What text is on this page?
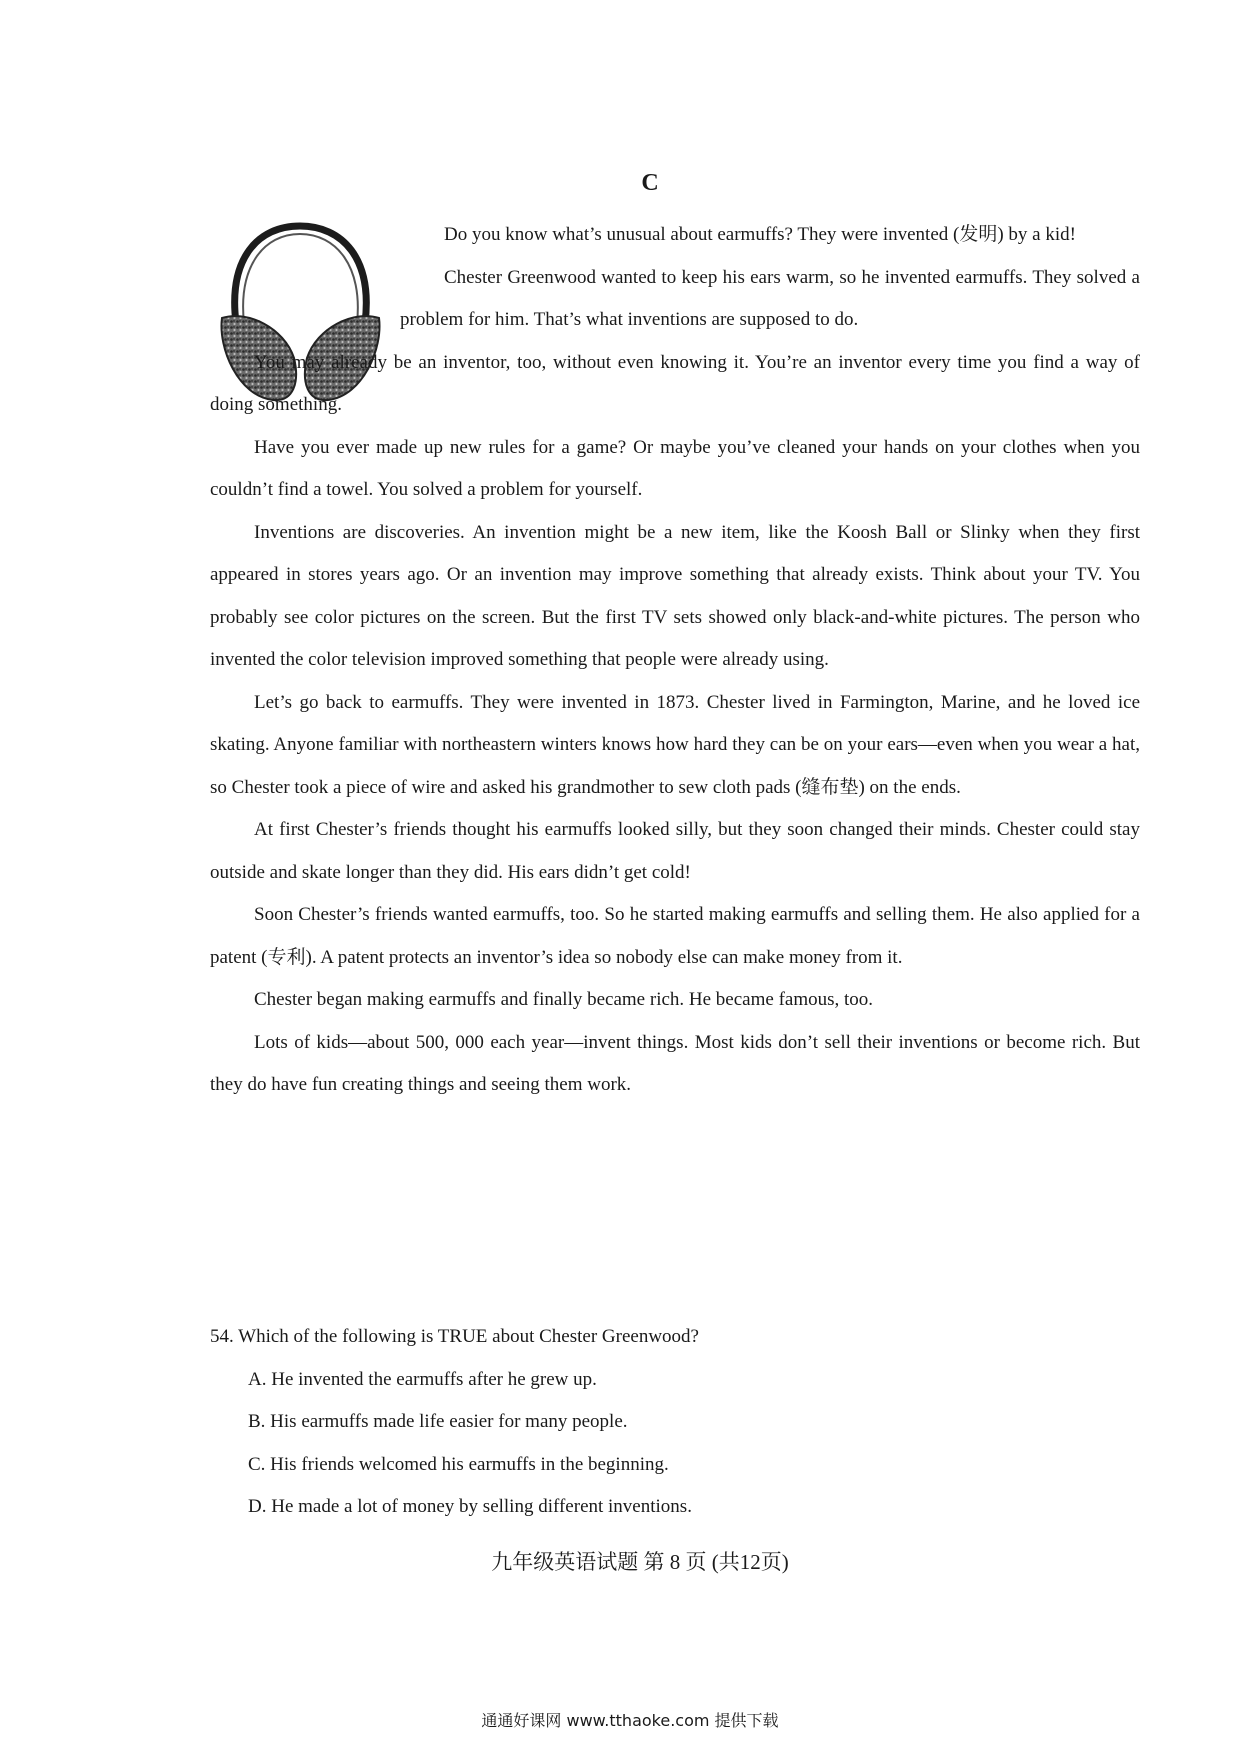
C

Do you know what’s unusual about earmuffs? They were invented (发明) by a kid!

Chester Greenwood wanted to keep his ears warm, so he invented earmuffs. They solved a problem for him. That’s what inventions are supposed to do.

You may already be an inventor, too, without even knowing it. You’re an inventor every time you find a way of doing something.

Have you ever made up new rules for a game? Or maybe you’ve cleaned your hands on your clothes when you couldn’t find a towel. You solved a problem for yourself.

Inventions are discoveries. An invention might be a new item, like the Koosh Ball or Slinky when they first appeared in stores years ago. Or an invention may improve something that already exists. Think about your TV. You probably see color pictures on the screen. But the first TV sets showed only black-and-white pictures. The person who invented the color television improved something that people were already using.

Let’s go back to earmuffs. They were invented in 1873. Chester lived in Farmington, Marine, and he loved ice skating. Anyone familiar with northeastern winters knows how hard they can be on your ears—even when you wear a hat, so Chester took a piece of wire and asked his grandmother to sew cloth pads (缝布垫) on the ends.

At first Chester’s friends thought his earmuffs looked silly, but they soon changed their minds. Chester could stay outside and skate longer than they did. His ears didn’t get cold!

Soon Chester’s friends wanted earmuffs, too. So he started making earmuffs and selling them. He also applied for a patent (专利). A patent protects an inventor’s idea so nobody else can make money from it.

Chester began making earmuffs and finally became rich. He became famous, too.

Lots of kids—about 500, 000 each year—invent things. Most kids don’t sell their inventions or become rich. But they do have fun creating things and seeing them work.

54. Which of the following is TRUE about Chester Greenwood?

A. He invented the earmuffs after he grew up.

B. His earmuffs made life easier for many people.

C. His friends welcomed his earmuffs in the beginning.

D. He made a lot of money by selling different inventions.

九年级英语试题 第 8 页 (共12页)
通通好课网 www.tthaoke.com 提供下载
